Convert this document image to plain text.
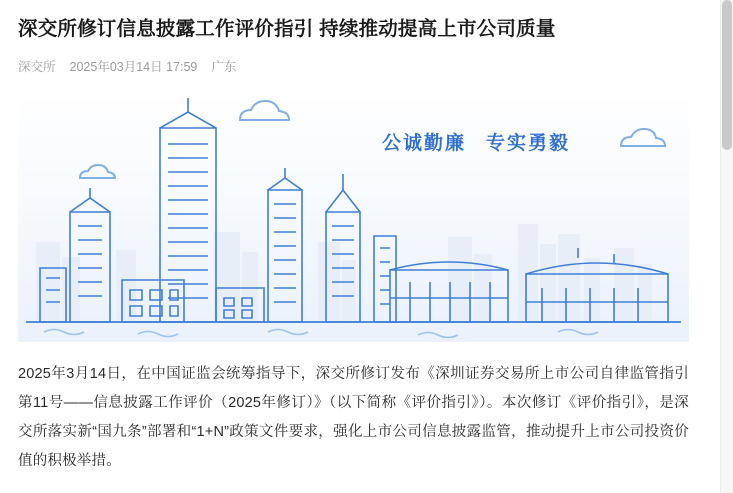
深交所修订信息披露工作评价指引 持续推动提高上市公司质量
深交所 2025年03月14日 17:59 广东
公诚勤廉 专实勇毅

2025年3月14日，在中国证监会统筹指导下，深交所修订发布《深圳证券交易所上市公司自律监管指引第11号——信息披露工作评价（2025年修订）》（以下简称《评价指引》）。本次修订《评价指引》，是深交所落实新“国九条”部署和“1+N”政策文件要求，强化上市公司信息披露监管，推动提升上市公司投资价值的积极举措。
